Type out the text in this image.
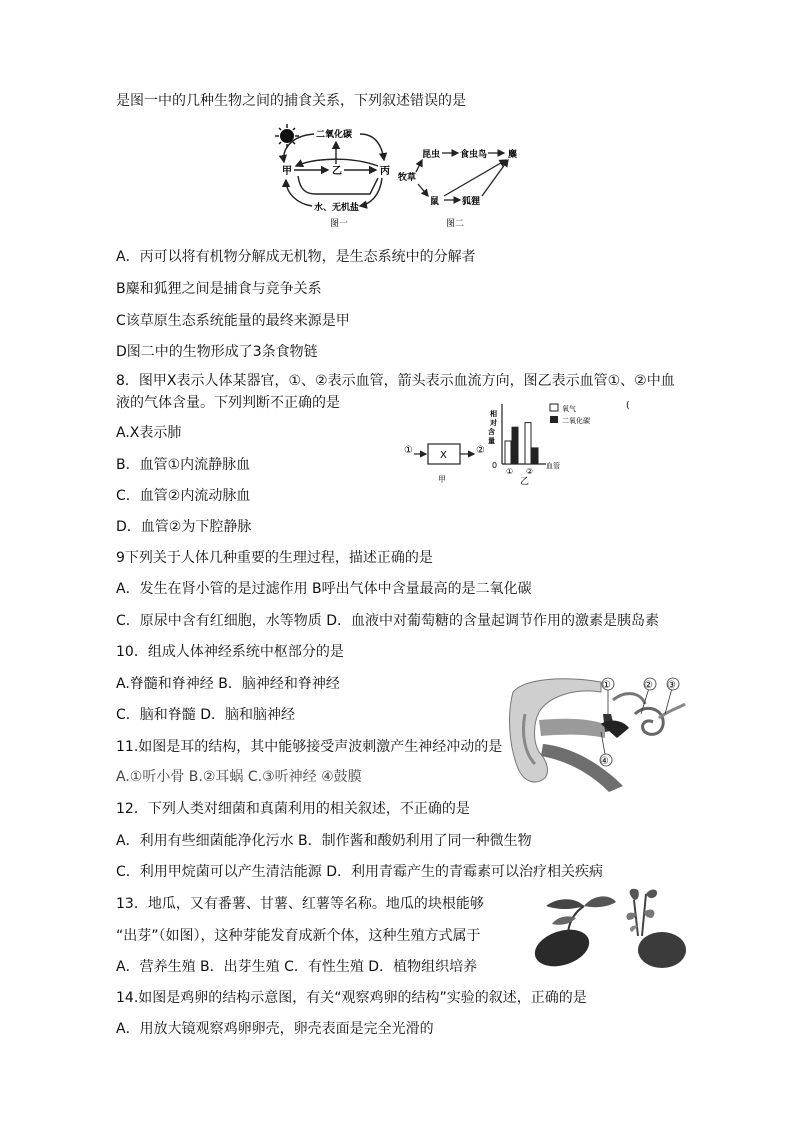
是图一中的几种生物之间的捕食关系，下列叙述错误的是
二氧化碳
甲	乙	丙
水、无机盐
图一
昆虫 食虫鸟 麋
牧草
鼠	狐狸
图二
A．丙可以将有机物分解成无机物，是生态系统中的分解者
B麋和狐狸之间是捕食与竞争关系
C该草原生态系统能量的最终来源是甲
D图二中的生物形成了3条食物链
8．图甲X表示人体某器官，①、②表示血管，箭头表示血流方向，图乙表示血管①、②中血
液的气体含量。下列判断不正确的是
A.X表示肺
B．血管①内流静脉血
C．血管②内流动脉血
D．血管②为下腔静脉
①	X	②
甲
相
对
含
量
0
① ②
血管
乙
氧气
二氧化碳
(
9下列关于人体几种重要的生理过程，描述正确的是
A．发生在肾小管的是过滤作用 B呼出气体中含量最高的是二氧化碳
C．原尿中含有红细胞，水等物质 D．血液中对葡萄糖的含量起调节作用的激素是胰岛素
10．组成人体神经系统中枢部分的是
A.脊髓和脊神经 B．脑神经和脊神经
C．脑和脊髓 D．脑和脑神经
11.如图是耳的结构，其中能够接受声波刺激产生神经冲动的是
A.①听小骨 B.②耳蜗 C.③听神经 ④鼓膜
①	② ③
④
12．下列人类对细菌和真菌利用的相关叙述，不正确的是
A．利用有些细菌能净化污水 B．制作酱和酸奶利用了同一种微生物
C．利用甲烷菌可以产生清洁能源 D．利用青霉产生的青霉素可以治疗相关疾病
13．地瓜，又有番薯、甘薯、红薯等名称。地瓜的块根能够
“出芽”（如图），这种芽能发育成新个体，这种生殖方式属于
A．营养生殖 B．出芽生殖 C．有性生殖 D．植物组织培养
14.如图是鸡卵的结构示意图，有关“观察鸡卵的结构”实验的叙述，正确的是
A．用放大镜观察鸡卵卵壳，卵壳表面是完全光滑的
